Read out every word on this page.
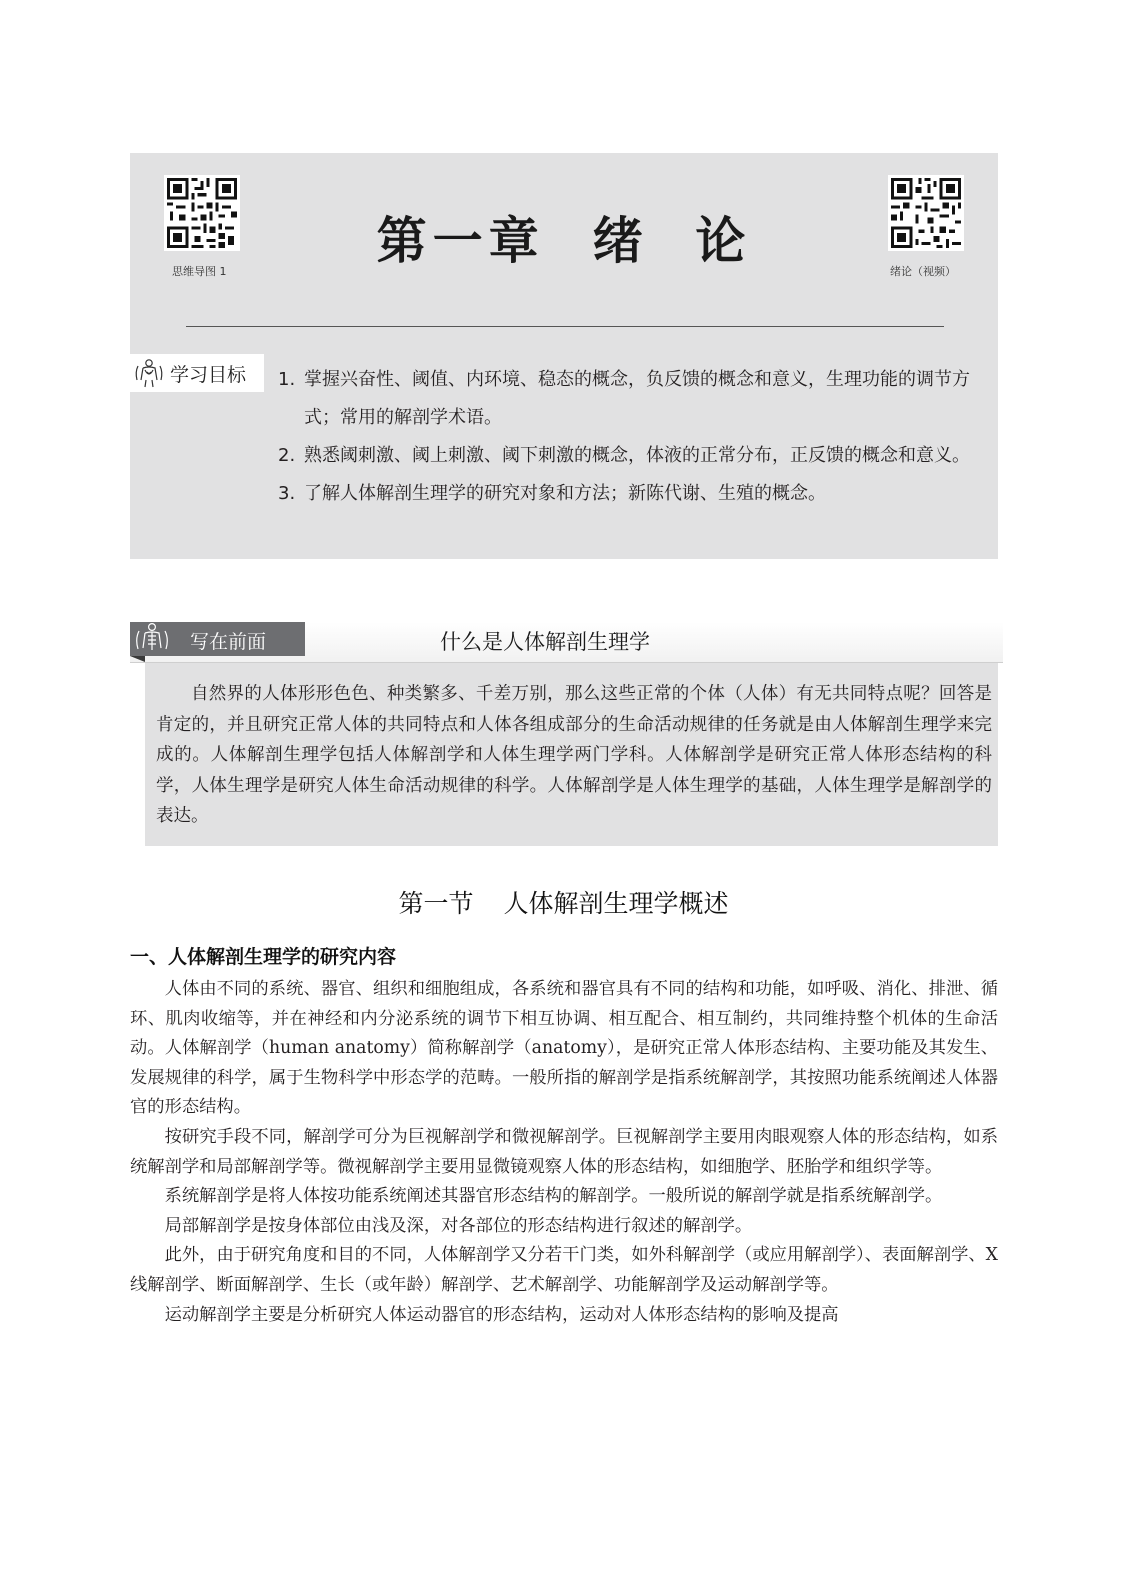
思维导图 1
第一章 绪  论
绪论（视频）
学习目标 1. 掌握兴奋性、阈值、内环境、稳态的概念，负反馈的概念和意义，生理功能的调节方式；常用的解剖学术语。
2. 熟悉阈刺激、阈上刺激、阈下刺激的概念，体液的正常分布，正反馈的概念和意义。
3. 了解人体解剖生理学的研究对象和方法；新陈代谢、生殖的概念。
写在前面	什么是人体解剖生理学

自然界的人体形形色色、种类繁多、千差万别，那么这些正常的个体（人体）有无共同特点呢？回答是肯定的，并且研究正常人体的共同特点和人体各组成部分的生命活动规律的任务就是由人体解剖生理学来完成的。人体解剖生理学包括人体解剖学和人体生理学两门学科。人体解剖学是研究正常人体形态结构的科学，人体生理学是研究人体生命活动规律的科学。人体解剖学是人体生理学的基础，人体生理学是解剖学的表达。

第一节 人体解剖生理学概述
一、人体解剖生理学的研究内容

人体由不同的系统、器官、组织和细胞组成，各系统和器官具有不同的结构和功能，如呼吸、消化、排泄、循环、肌肉收缩等，并在神经和内分泌系统的调节下相互协调、相互配合、相互制约，共同维持整个机体的生命活动。人体解剖学（human anatomy）简称解剖学（anatomy），是研究正常人体形态结构、主要功能及其发生、发展规律的科学，属于生物科学中形态学的范畴。一般所指的解剖学是指系统解剖学，其按照功能系统阐述人体器官的形态结构。

按研究手段不同，解剖学可分为巨视解剖学和微视解剖学。巨视解剖学主要用肉眼观察人体的形态结构，如系统解剖学和局部解剖学等。微视解剖学主要用显微镜观察人体的形态结构，如细胞学、胚胎学和组织学等。

系统解剖学是将人体按功能系统阐述其器官形态结构的解剖学。一般所说的解剖学就是指系统解剖学。

局部解剖学是按身体部位由浅及深，对各部位的形态结构进行叙述的解剖学。

此外，由于研究角度和目的不同，人体解剖学又分若干门类，如外科解剖学（或应用解剖学）、表面解剖学、X线解剖学、断面解剖学、生长（或年龄）解剖学、艺术解剖学、功能解剖学及运动解剖学等。

运动解剖学主要是分析研究人体运动器官的形态结构，运动对人体形态结构的影响及提高
